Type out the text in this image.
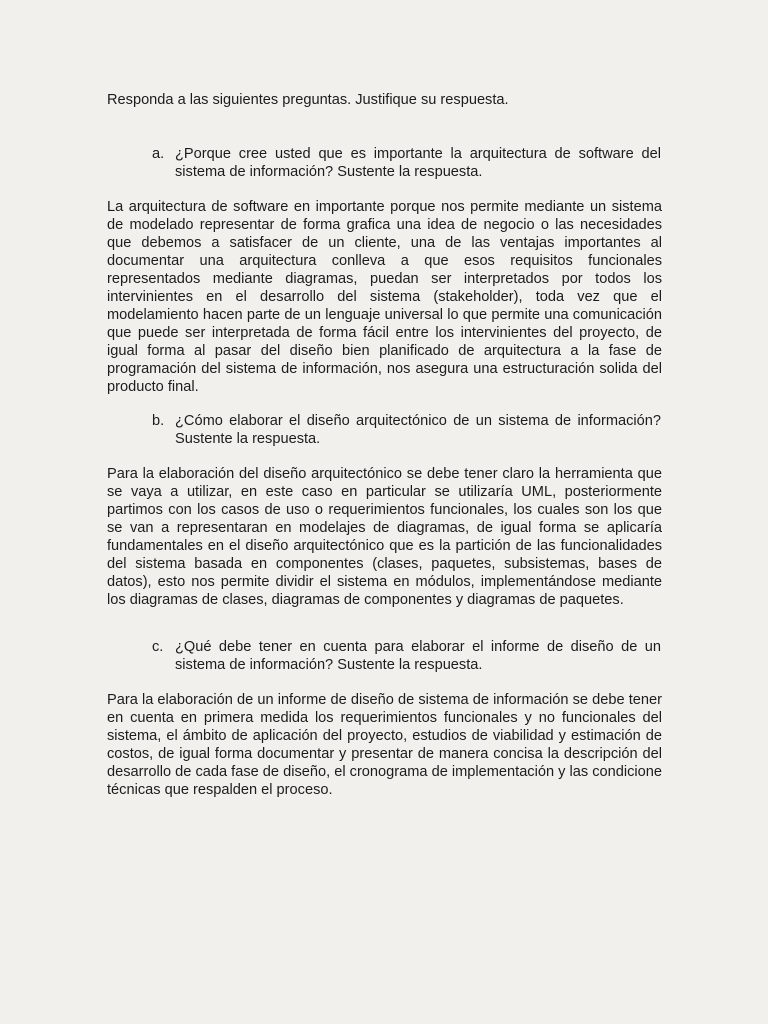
Responda a las siguientes preguntas. Justifique su respuesta.

a. ¿Porque cree usted que es importante la arquitectura de software del sistema de información? Sustente la respuesta.

La arquitectura de software en importante porque nos permite mediante un sistema de modelado representar de forma grafica una idea de negocio o las necesidades que debemos a satisfacer de un cliente, una de las ventajas importantes al documentar una arquitectura conlleva a que esos requisitos funcionales representados mediante diagramas, puedan ser interpretados por todos los intervinientes en el desarrollo del sistema (stakeholder), toda vez que el modelamiento hacen parte de un lenguaje universal lo que permite una comunicación que puede ser interpretada de forma fácil entre los intervinientes del proyecto, de igual forma al pasar del diseño bien planificado de arquitectura a la fase de programación del sistema de información, nos asegura una estructuración solida del producto final.

b. ¿Cómo elaborar el diseño arquitectónico de un sistema de información? Sustente la respuesta.

Para la elaboración del diseño arquitectónico se debe tener claro la herramienta que se vaya a utilizar, en este caso en particular se utilizaría UML, posteriormente partimos con los casos de uso o requerimientos funcionales, los cuales son los que se van a representaran en modelajes de diagramas, de igual forma se aplicaría fundamentales en el diseño arquitectónico que es la partición de las funcionalidades del sistema basada en componentes (clases, paquetes, subsistemas, bases de datos), esto nos permite dividir el sistema en módulos, implementándose mediante los diagramas de clases, diagramas de componentes y diagramas de paquetes.

c. ¿Qué debe tener en cuenta para elaborar el informe de diseño de un sistema de información? Sustente la respuesta.

Para la elaboración de un informe de diseño de sistema de información se debe tener en cuenta en primera medida los requerimientos funcionales y no funcionales del sistema, el ámbito de aplicación del proyecto, estudios de viabilidad y estimación de costos, de igual forma documentar y presentar de manera concisa la descripción del desarrollo de cada fase de diseño, el cronograma de implementación y las condicione técnicas que respalden el proceso.
